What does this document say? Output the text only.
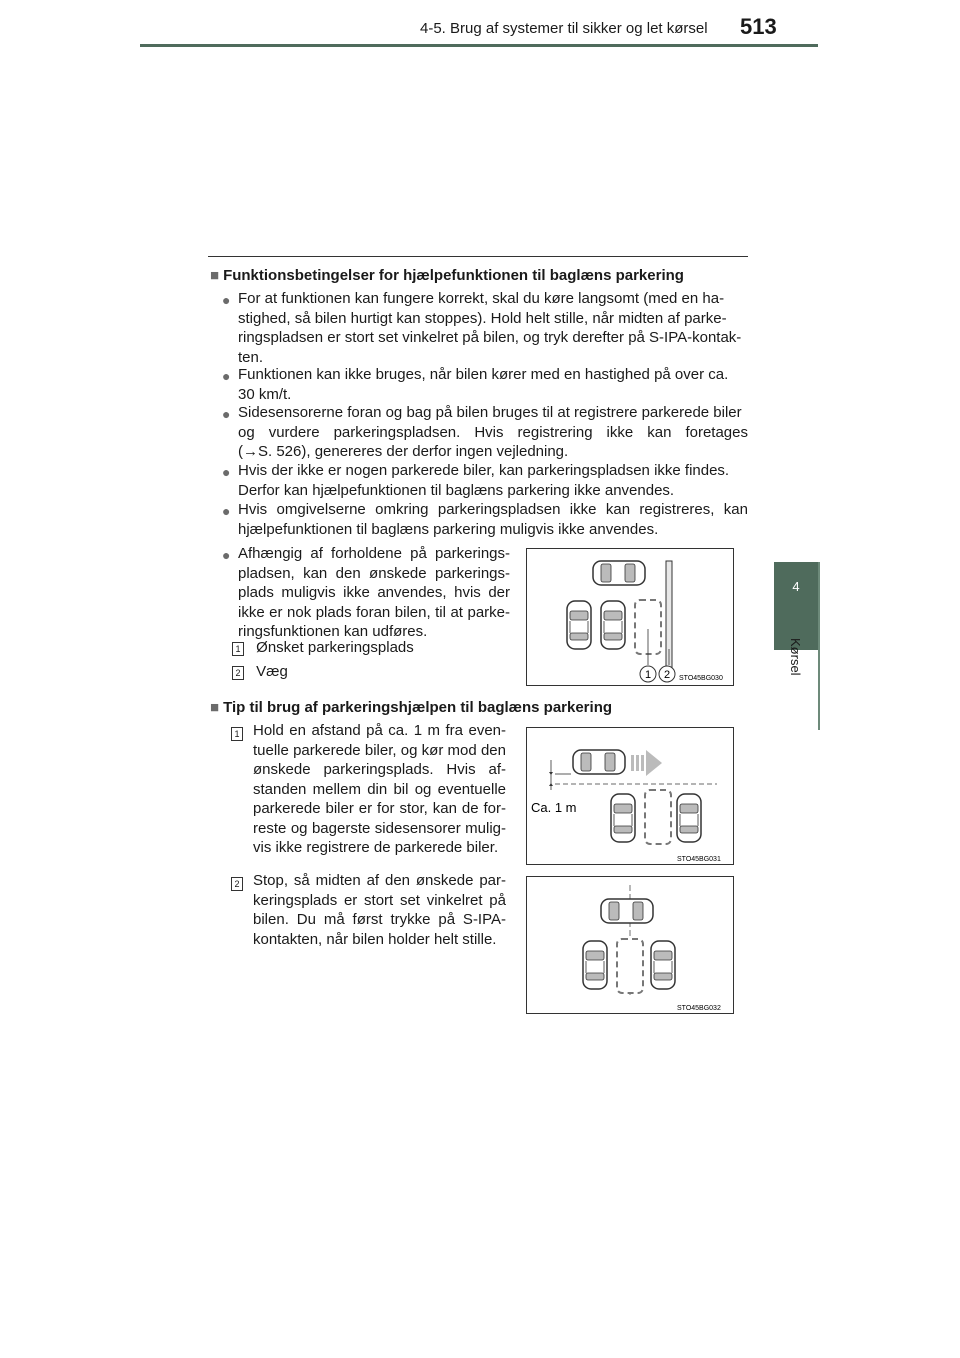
4-5. Brug af systemer til sikker og let kørsel 513
4
Kørsel
■ Funktionsbetingelser for hjælpefunktionen til baglæns parkering
● For at funktionen kan fungere korrekt, skal du køre langsomt (med en ha-
stighed, så bilen hurtigt kan stoppes). Hold helt stille, når midten af parke-
ringspladsen er stort set vinkelret på bilen, og tryk derefter på S-IPA-kontak-
ten.
● Funktionen kan ikke bruges, når bilen kører med en hastighed på over ca.
30 km/t.
● Sidesensorerne foran og bag på bilen bruges til at registrere parkerede biler
og vurdere parkeringspladsen. Hvis registrering ikke kan foretages
(→S. 526), genereres der derfor ingen vejledning.
● Hvis der ikke er nogen parkerede biler, kan parkeringspladsen ikke findes.
Derfor kan hjælpefunktionen til baglæns parkering ikke anvendes.
● Hvis omgivelserne omkring parkeringspladsen ikke kan registreres, kan
hjælpefunktionen til baglæns parkering muligvis ikke anvendes.
● Afhængig af forholdene på parkerings-
pladsen, kan den ønskede parkerings-
plads muligvis ikke anvendes, hvis der
ikke er nok plads foran bilen, til at parke-
ringsfunktionen kan udføres.
1 Ønsket parkeringsplads
2 Væg	1 2 STO45BG030
■ Tip til brug af parkeringshjælpen til baglæns parkering
1 Hold en afstand på ca. 1 m fra even-
tuelle parkerede biler, og kør mod den
ønskede parkeringsplads. Hvis af-
standen mellem din bil og eventuelle
parkerede biler er for stor, kan de for-
reste og bagerste sidesensorer mulig-
vis ikke registrere de parkerede biler.
Ca. 1 m
STO45BG031
2 Stop, så midten af den ønskede par-
keringsplads er stort set vinkelret på
bilen. Du må først trykke på S-IPA-
kontakten, når bilen holder helt stille.
STO45BG032
